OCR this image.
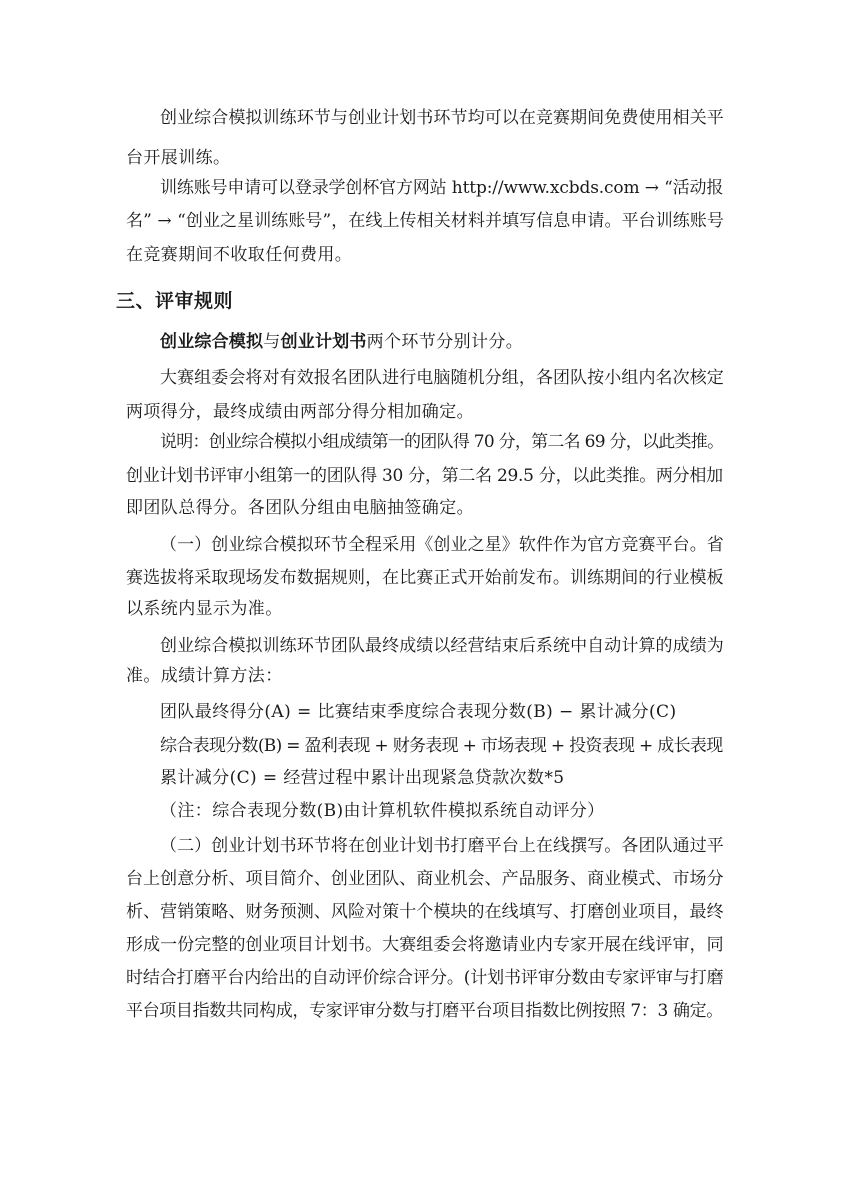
创业综合模拟训练环节与创业计划书环节均可以在竞赛期间免费使用相关平
台开展训练。
训练账号申请可以登录学创杯官方网站 http://www.xcbds.com → “活动报
名” → “创业之星训练账号”，在线上传相关材料并填写信息申请。平台训练账号
在竞赛期间不收取任何费用。
三、评审规则
创业综合模拟与创业计划书两个环节分别计分。
大赛组委会将对有效报名团队进行电脑随机分组，各团队按小组内名次核定
两项得分，最终成绩由两部分得分相加确定。
说明：创业综合模拟小组成绩第一的团队得 70 分，第二名 69 分，以此类推。
创业计划书评审小组第一的团队得 30 分，第二名 29.5 分，以此类推。两分相加
即团队总得分。各团队分组由电脑抽签确定。
（一）创业综合模拟环节全程采用《创业之星》软件作为官方竞赛平台。省
赛选拔将采取现场发布数据规则，在比赛正式开始前发布。训练期间的行业模板
以系统内显示为准。
创业综合模拟训练环节团队最终成绩以经营结束后系统中自动计算的成绩为
准。成绩计算方法：
团队最终得分(A) = 比赛结束季度综合表现分数(B) − 累计减分(C)
综合表现分数(B) = 盈利表现 + 财务表现 + 市场表现 + 投资表现 + 成长表现
累计减分(C) = 经营过程中累计出现紧急贷款次数*5
（注：综合表现分数(B)由计算机软件模拟系统自动评分）
（二）创业计划书环节将在创业计划书打磨平台上在线撰写。各团队通过平
台上创意分析、项目简介、创业团队、商业机会、产品服务、商业模式、市场分
析、营销策略、财务预测、风险对策十个模块的在线填写、打磨创业项目，最终
形成一份完整的创业项目计划书。大赛组委会将邀请业内专家开展在线评审，同
时结合打磨平台内给出的自动评价综合评分。(计划书评审分数由专家评审与打磨
平台项目指数共同构成，专家评审分数与打磨平台项目指数比例按照 7：3 确定。
